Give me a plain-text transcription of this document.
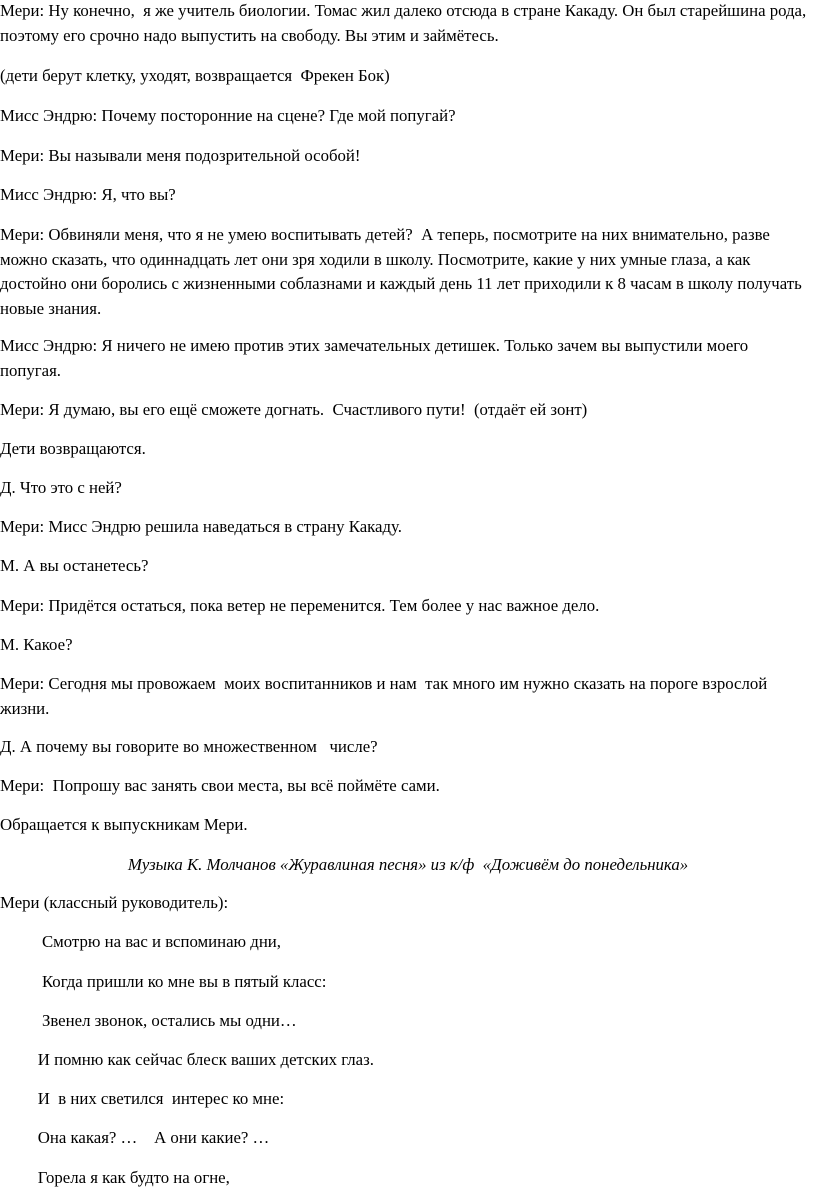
Мери: Ну конечно,  я же учитель биологии. Томас жил далеко отсюда в стране Какаду. Он был старейшина рода, поэтому его срочно надо выпустить на свободу. Вы этим и займётесь.

(дети берут клетку, уходят, возвращается  Фрекен Бок)

Мисс Эндрю: Почему посторонние на сцене? Где мой попугай?

Мери: Вы называли меня подозрительной особой!

Мисс Эндрю: Я, что вы?

Мери: Обвиняли меня, что я не умею воспитывать детей?  А теперь, посмотрите на них внимательно, разве можно сказать, что одиннадцать лет они зря ходили в школу. Посмотрите, какие у них умные глаза, а как достойно они боролись с жизненными соблазнами и каждый день 11 лет приходили к 8 часам в школу получать новые знания.

Мисс Эндрю: Я ничего не имею против этих замечательных детишек. Только зачем вы выпустили моего попугая.

Мери: Я думаю, вы его ещё сможете догнать.  Счастливого пути!  (отдаёт ей зонт)

Дети возвращаются.

Д. Что это с ней?

Мери: Мисс Эндрю решила наведаться в страну Какаду.

М. А вы останетесь?

Мери: Придётся остаться, пока ветер не переменится. Тем более у нас важное дело.

М. Какое?

Мери: Сегодня мы провожаем  моих воспитанников и нам  так много им нужно сказать на пороге взрослой жизни.

Д. А почему вы говорите во множественном   числе?

Мери:  Попрошу вас занять свои места, вы всё поймёте сами.

Обращается к выпускникам Мери.

Музыка К. Молчанов «Журавлиная песня» из к/ф  «Доживём до понедельника»

Мери (классный руководитель):

Смотрю на вас и вспоминаю дни,

Когда пришли ко мне вы в пятый класс:

Звенел звонок, остались мы одни…

И помню как сейчас блеск ваших детских глаз.

И  в них светился  интерес ко мне:

Она какая? …    А они какие? …

Горела я как будто на огне,
